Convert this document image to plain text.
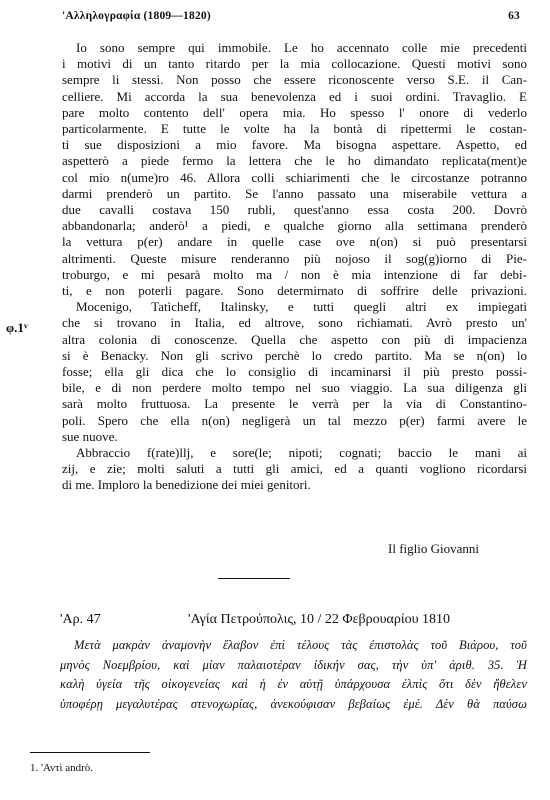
'Αλληλογραφία (1809—1820)	63
φ.1ᵛ
Io sono sempre qui immobile. Le ho accennato colle mie precedenti
i motivi di un tanto ritardo per la mia collocazione. Questi motivi sono
sempre li stessi. Non posso che essere riconoscente verso S.E. il Can-
celliere. Mi accorda la sua benevolenza ed i suoi ordini. Travaglio. E
pare molto contento dell' opera mia. Ho spesso l' onore di vederlo
particolarmente. E tutte le volte ha la bontà di ripettermi le costan-
ti sue disposizioni a mio favore. Ma bisogna aspettare. Aspetto, ed
aspetterò a piede fermo la lettera che le ho dimandato replicata(ment)e
col mio n(ume)ro 46. Allora colli schiarimenti che le circostanze potranno
darmi prenderò un partito. Se l'anno passato una miserabile vettura a
due cavalli costava 150 rubli, quest'anno essa costa 200. Dovrò
abbandonarla; anderò¹ a piedi, e qualche giorno alla settimana prenderò
la vettura p(er) andare in quelle case ove n(on) si può presentarsi
altrimenti. Queste misure renderanno più nojoso il sog(g)iorno di Pie-
troburgo, e mi pesarà molto ma / non è mia intenzione di far debi-
ti, e non poterli pagare. Sono determirnato di soffrire delle privazioni.
Mocenigo, Tatìcheff, Italinsky, e tutti quegli altri ex impiegati
che si trovano in Italia, ed altrove, sono richiamati. Avrò presto un'
altra colonia di conoscenze. Quella che aspetto con più di impacienza
si è Benacky. Non gli scrivo perchè lo credo partito. Ma se n(on) lo
fosse; ella gli dica che lo consiglio di incaminarsi il più presto possi-
bile, e di non perdere molto tempo nel suo viaggio. La sua diligenza gli
sarà molto fruttuosa. La presente le verrà per la via di Constantino-
poli. Spero che ella n(on) negligerà un tal mezzo p(er) farmi avere le
sue nuove.
Abbraccio f(rate)llj, e sore(le; nipoti; cognati; baccio le mani ai
zij, e zie; molti saluti a tutti gli amici, ed a quanti vogliono ricordarsi
di me. Imploro la benedizione dei miei genitori.
Il figlio Giovanni
'Αρ. 47	'Αγία Πετρούπολις, 10 / 22 Φεβρουαρίου 1810
Μετὰ μακρὰν ἀναμονὴν ἔλαβον ἐπὶ τέλους τὰς ἐπιστολὰς τοῦ Βιάρου, τοῦ
μηνὸς Νοεμβρίου, καὶ μίαν παλαιοτέραν ἰδικήν σας, τὴν ὑπ' ἀριθ. 35. Ἡ
καλὴ ὑγεία τῆς οἰκογενείας καὶ ἡ ἐν αὐτῇ ὑπάρχουσα ἐλπὶς ὅτι δὲν ἤθελεν
ὑποφέρῃ μεγαλυτέρας στενοχωρίας, ἀνεκούφισαν βεβαίως ἐμέ. Δὲν θὰ παύσω
1. 'Αντὶ andrò.
